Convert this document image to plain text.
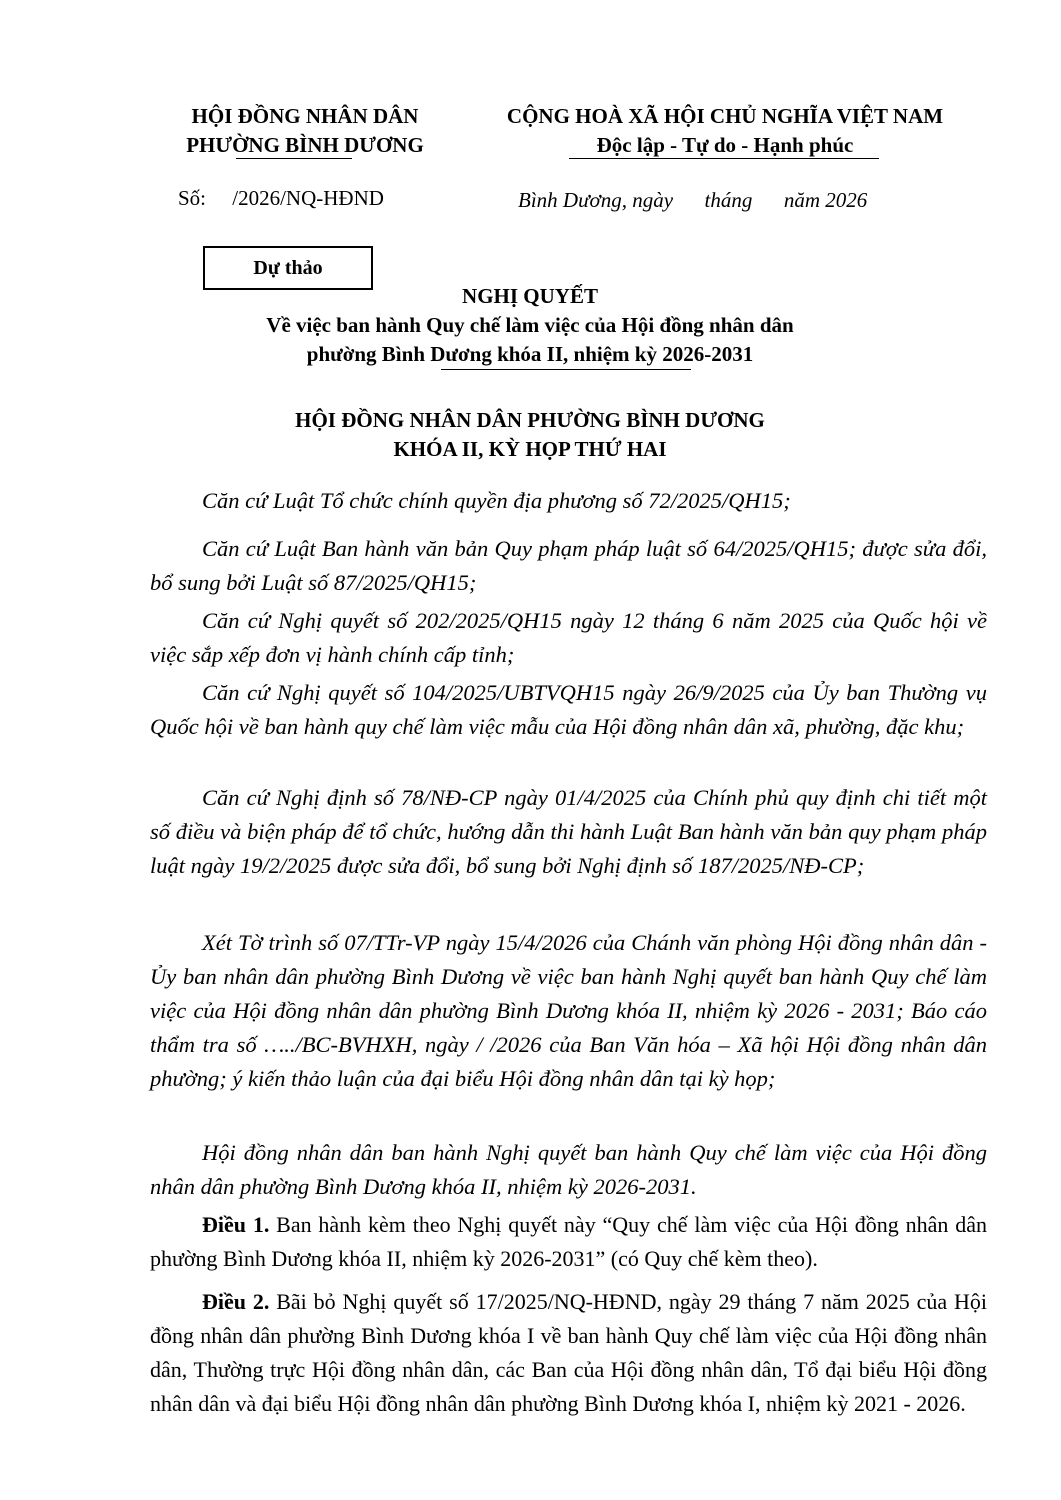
HỘI ĐỒNG NHÂN DÂN
PHƯỜNG BÌNH DƯƠNG
CỘNG HOÀ XÃ HỘI CHỦ NGHĨA VIỆT NAM
Độc lập - Tự do - Hạnh phúc
Số:     /2026/NQ-HĐND	Bình Dương, ngày      tháng      năm 2026
Dự thảo
NGHỊ QUYẾT
Về việc ban hành Quy chế làm việc của Hội đồng nhân dân
phường Bình Dương khóa II, nhiệm kỳ 2026-2031
HỘI ĐỒNG NHÂN DÂN PHƯỜNG BÌNH DƯƠNG
KHÓA II, KỲ HỌP THỨ HAI
Căn cứ Luật Tổ chức chính quyền địa phương số 72/2025/QH15;
Căn cứ Luật Ban hành văn bản Quy phạm pháp luật số 64/2025/QH15; được sửa đổi, bổ sung bởi Luật số 87/2025/QH15;
Căn cứ Nghị quyết số 202/2025/QH15 ngày 12 tháng 6 năm 2025 của Quốc hội về việc sắp xếp đơn vị hành chính cấp tỉnh;
Căn cứ Nghị quyết số 104/2025/UBTVQH15 ngày 26/9/2025 của Ủy ban Thường vụ Quốc hội về ban hành quy chế làm việc mẫu của Hội đồng nhân dân xã, phường, đặc khu;
Căn cứ Nghị định số 78/NĐ-CP ngày 01/4/2025 của Chính phủ quy định chi tiết một số điều và biện pháp để tổ chức, hướng dẫn thi hành Luật Ban hành văn bản quy phạm pháp luật ngày 19/2/2025 được sửa đổi, bổ sung bởi Nghị định số 187/2025/NĐ-CP;
Xét Tờ trình số 07/TTr-VP ngày 15/4/2026 của Chánh văn phòng Hội đồng nhân dân - Ủy ban nhân dân phường Bình Dương về việc ban hành Nghị quyết ban hành Quy chế làm việc của Hội đồng nhân dân phường Bình Dương khóa II, nhiệm kỳ 2026 - 2031; Báo cáo thẩm tra số …../BC-BVHXH, ngày / /2026 của Ban Văn hóa – Xã hội Hội đồng nhân dân phường; ý kiến thảo luận của đại biểu Hội đồng nhân dân tại kỳ họp;
Hội đồng nhân dân ban hành Nghị quyết ban hành Quy chế làm việc của Hội đồng nhân dân phường Bình Dương khóa II, nhiệm kỳ 2026-2031.
Điều 1. Ban hành kèm theo Nghị quyết này “Quy chế làm việc của Hội đồng nhân dân phường Bình Dương khóa II, nhiệm kỳ 2026-2031” (có Quy chế kèm theo).
Điều 2. Bãi bỏ Nghị quyết số 17/2025/NQ-HĐND, ngày 29 tháng 7 năm 2025 của Hội đồng nhân dân phường Bình Dương khóa I về ban hành Quy chế làm việc của Hội đồng nhân dân, Thường trực Hội đồng nhân dân, các Ban của Hội đồng nhân dân, Tổ đại biểu Hội đồng nhân dân và đại biểu Hội đồng nhân dân phường Bình Dương khóa I, nhiệm kỳ 2021 - 2026.
